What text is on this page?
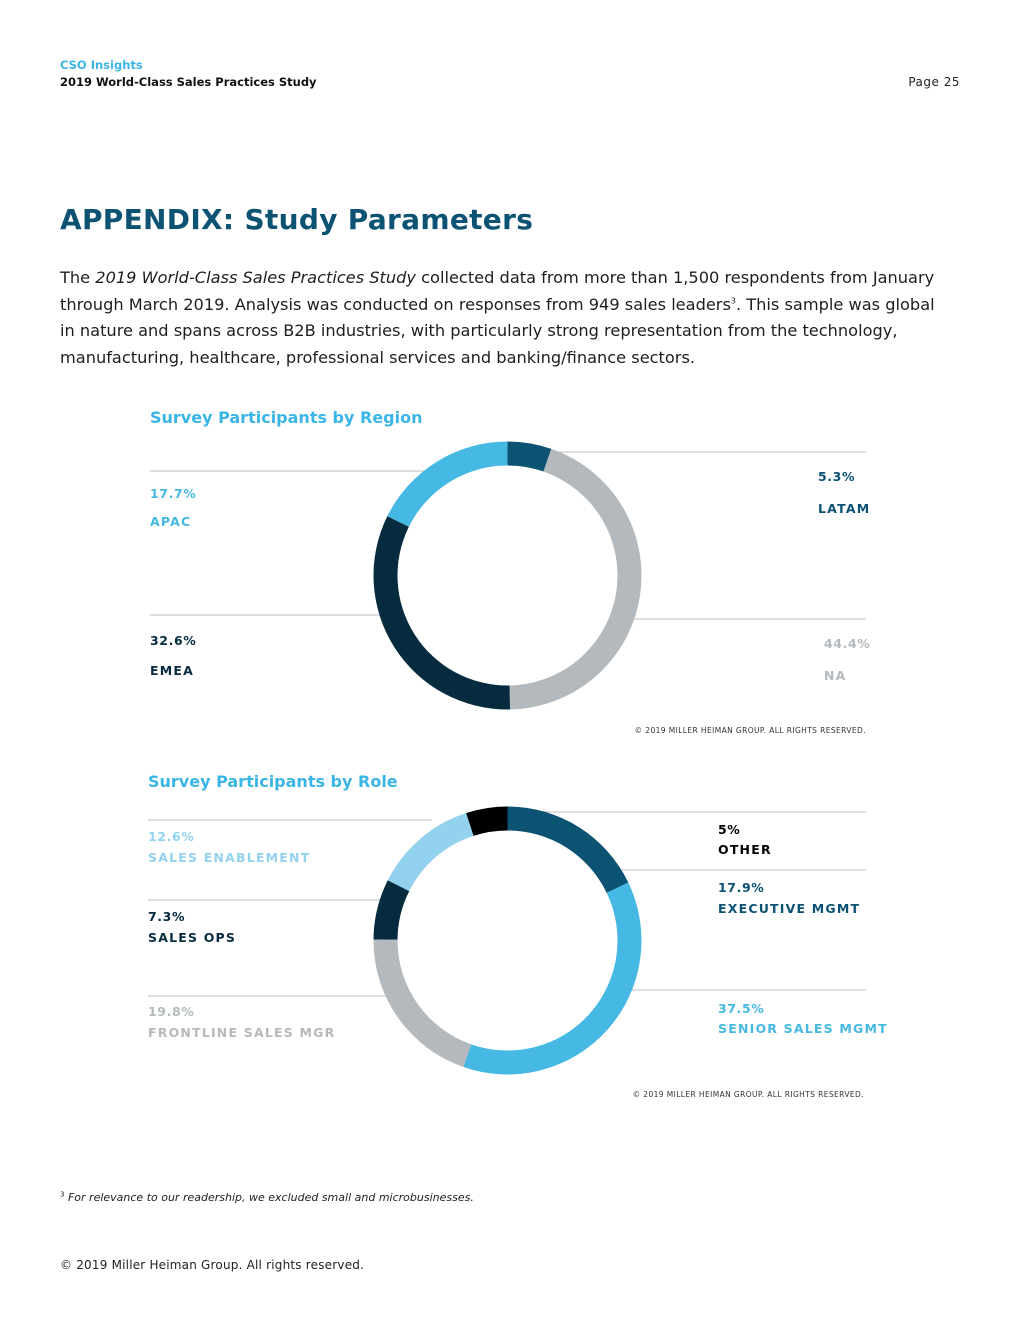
CSO Insights
2019 World-Class Sales Practices Study	Page 25
APPENDIX: Study Parameters
The 2019 World-Class Sales Practices Study collected data from more than 1,500 respondents from January through March 2019. Analysis was conducted on responses from 949 sales leaders$^3$. This sample was global in nature and spans across B2B industries, with particularly strong representation from the technology, manufacturing, healthcare, professional services and banking/finance sectors.
Survey Participants by Region
17.7%
APAC
32.6%
EMEA
5.3%
LATAM
44.4%
NA
© 2019 MILLER HEIMAN GROUP. ALL RIGHTS RESERVED.
Survey Participants by Role
12.6%
SALES ENABLEMENT
7.3%
SALES OPS
19.8%
FRONTLINE SALES MGR
5%
OTHER
17.9%
EXECUTIVE MGMT
37.5%
SENIOR SALES MGMT
© 2019 MILLER HEIMAN GROUP. ALL RIGHTS RESERVED.
$^3$ For relevance to our readership, we excluded small and microbusinesses.
© 2019 Miller Heiman Group. All rights reserved.
